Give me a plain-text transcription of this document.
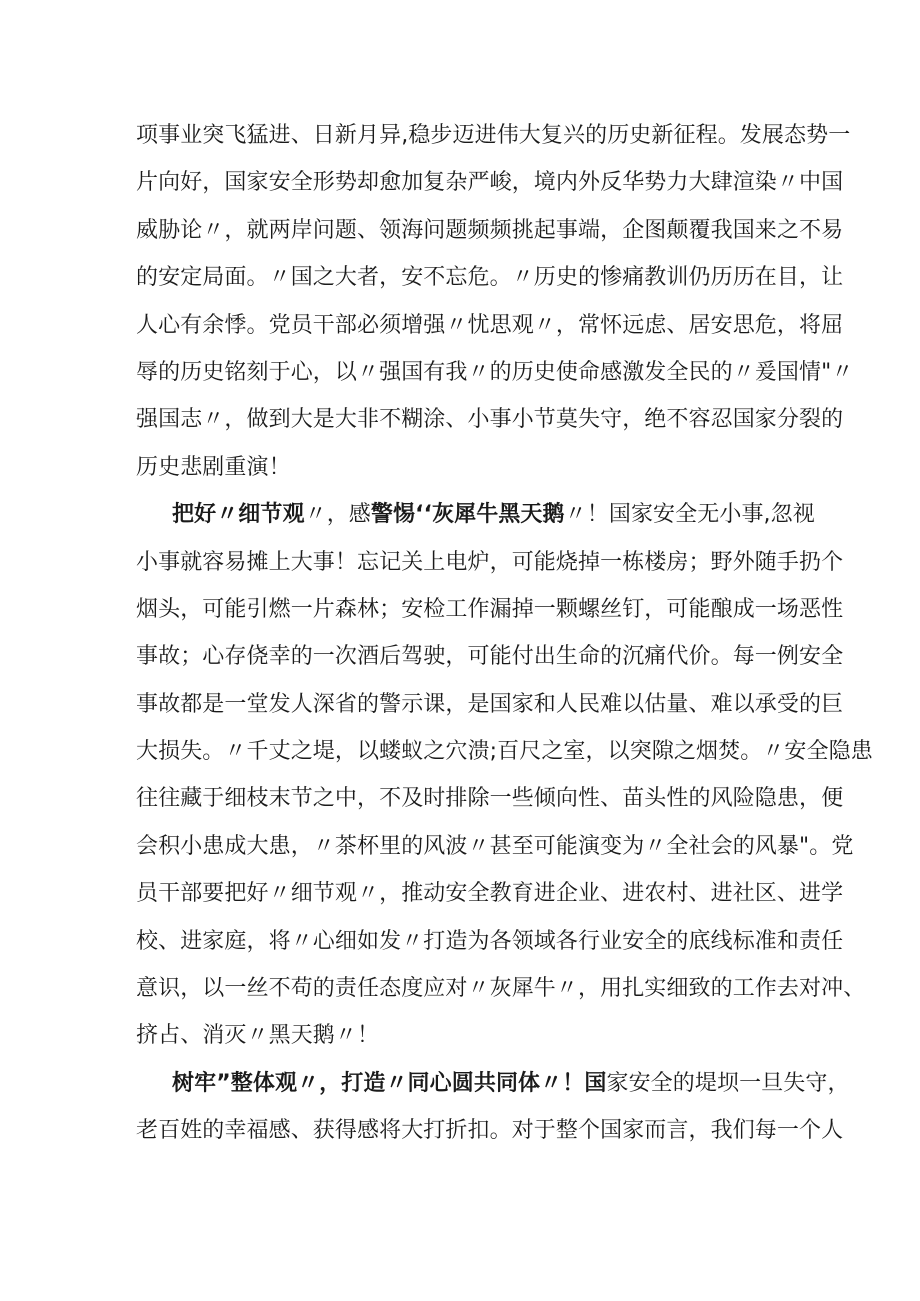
项事业突飞猛进、日新月异,稳步迈进伟大复兴的历史新征程。发展态势一
片向好，国家安全形势却愈加复杂严峻，境内外反华势力大肆渲染〃中国
威胁论〃，就两岸问题、领海问题频频挑起事端，企图颠覆我国来之不易
的安定局面。〃国之大者，安不忘危。〃历史的惨痛教训仍历历在目，让
人心有余悸。党员干部必须增强〃忧思观〃，常怀远虑、居安思危，将屈
辱的历史铭刻于心，以〃强国有我〃的历史使命感激发全民的〃爰国情"〃
强国志〃，做到大是大非不糊涂、小事小节莫失守，绝不容忍国家分裂的
历史悲剧重演！
把好〃细节观〃，感警惕‘‘灰犀牛黑天鹅〃！国家安全无小事,忽视
小事就容易摊上大事！忘记关上电炉，可能烧掉一栋楼房；野外随手扔个
烟头，可能引燃一片森林；安检工作漏掉一颗螺丝钉，可能酿成一场恶性
事故；心存侥幸的一次酒后驾驶，可能付出生命的沉痛代价。每一例安全
事故都是一堂发人深省的警示课，是国家和人民难以估量、难以承受的巨
大损失。〃千丈之堤，以蝼蚁之穴溃;百尺之室，以突隙之烟焚。〃安全隐患
往往藏于细枝末节之中，不及时排除一些倾向性、苗头性的风险隐患，便
会积小患成大患，〃茶杯里的风波〃甚至可能演变为〃全社会的风暴"。党
员干部要把好〃细节观〃，推动安全教育进企业、进农村、进社区、进学
校、进家庭，将〃心细如发〃打造为各领域各行业安全的底线标准和责任
意识，以一丝不苟的责任态度应对〃灰犀牛〃，用扎实细致的工作去对冲、
挤占、消灭〃黑天鹅〃！
树牢”整体观〃，打造〃同心圆共同体〃！国家安全的堤坝一旦失守，
老百姓的幸福感、获得感将大打折扣。对于整个国家而言，我们每一个人
